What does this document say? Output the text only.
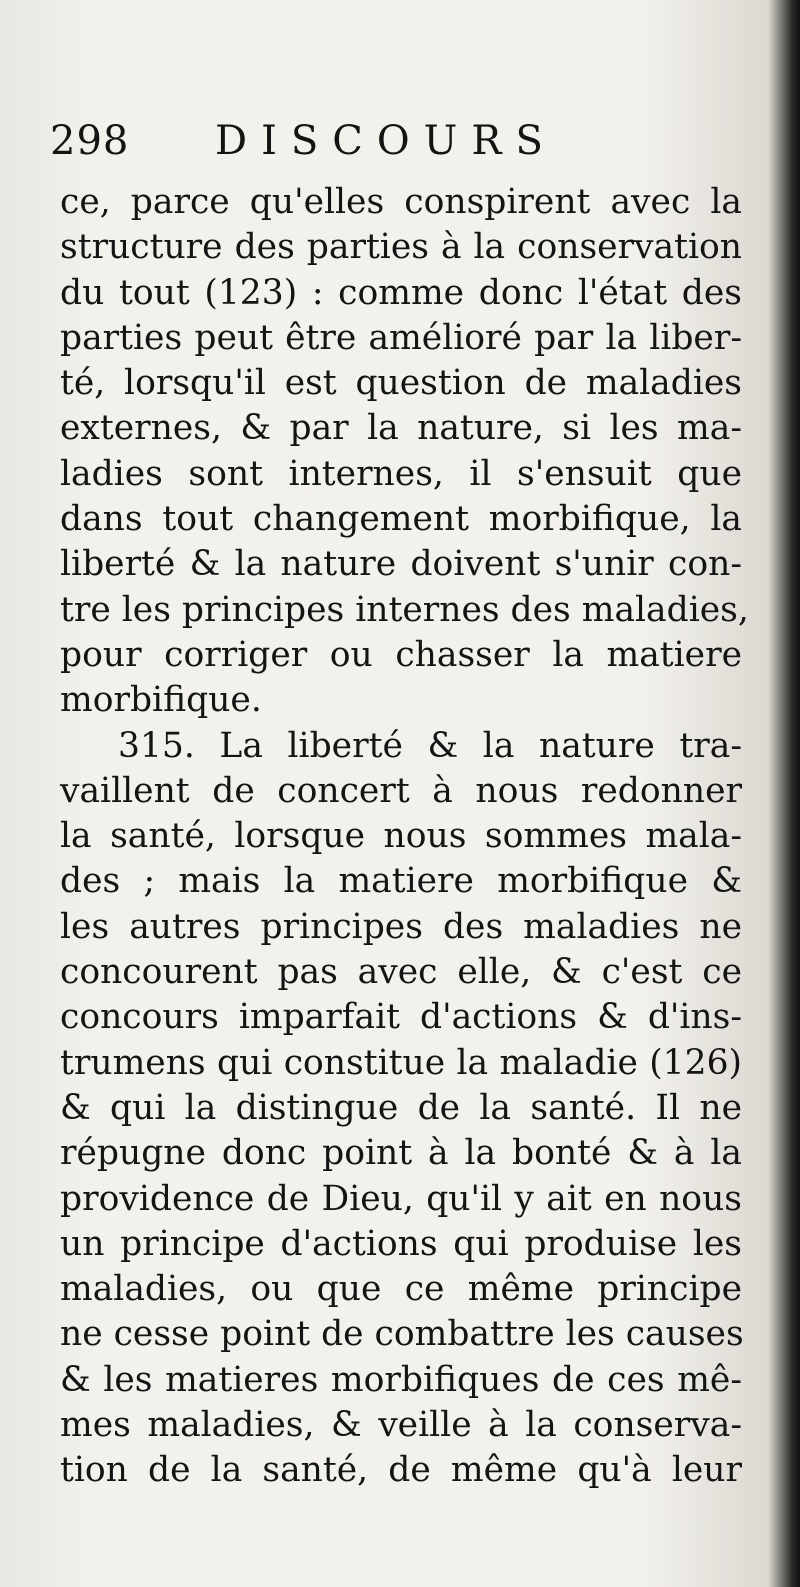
298 DISCOURS
ce, parce qu'elles conspirent avec la
structure des parties à la conservation
du tout (123) : comme donc l'état des
parties peut être amélioré par la liber-
té, lorsqu'il est question de maladies
externes, & par la nature, si les ma-
ladies sont internes, il s'ensuit que
dans tout changement morbifique, la
liberté & la nature doivent s'unir con-
tre les principes internes des maladies,
pour corriger ou chasser la matiere
morbifique.
315. La liberté & la nature tra-
vaillent de concert à nous redonner
la santé, lorsque nous sommes mala-
des ; mais la matiere morbifique &
les autres principes des maladies ne
concourent pas avec elle, & c'est ce
concours imparfait d'actions & d'ins-
trumens qui constitue la maladie (126)
& qui la distingue de la santé. Il ne
répugne donc point à la bonté & à la
providence de Dieu, qu'il y ait en nous
un principe d'actions qui produise les
maladies, ou que ce même principe
ne cesse point de combattre les causes
& les matieres morbifiques de ces mê-
mes maladies, & veille à la conserva-
tion de la santé, de même qu'à leur
